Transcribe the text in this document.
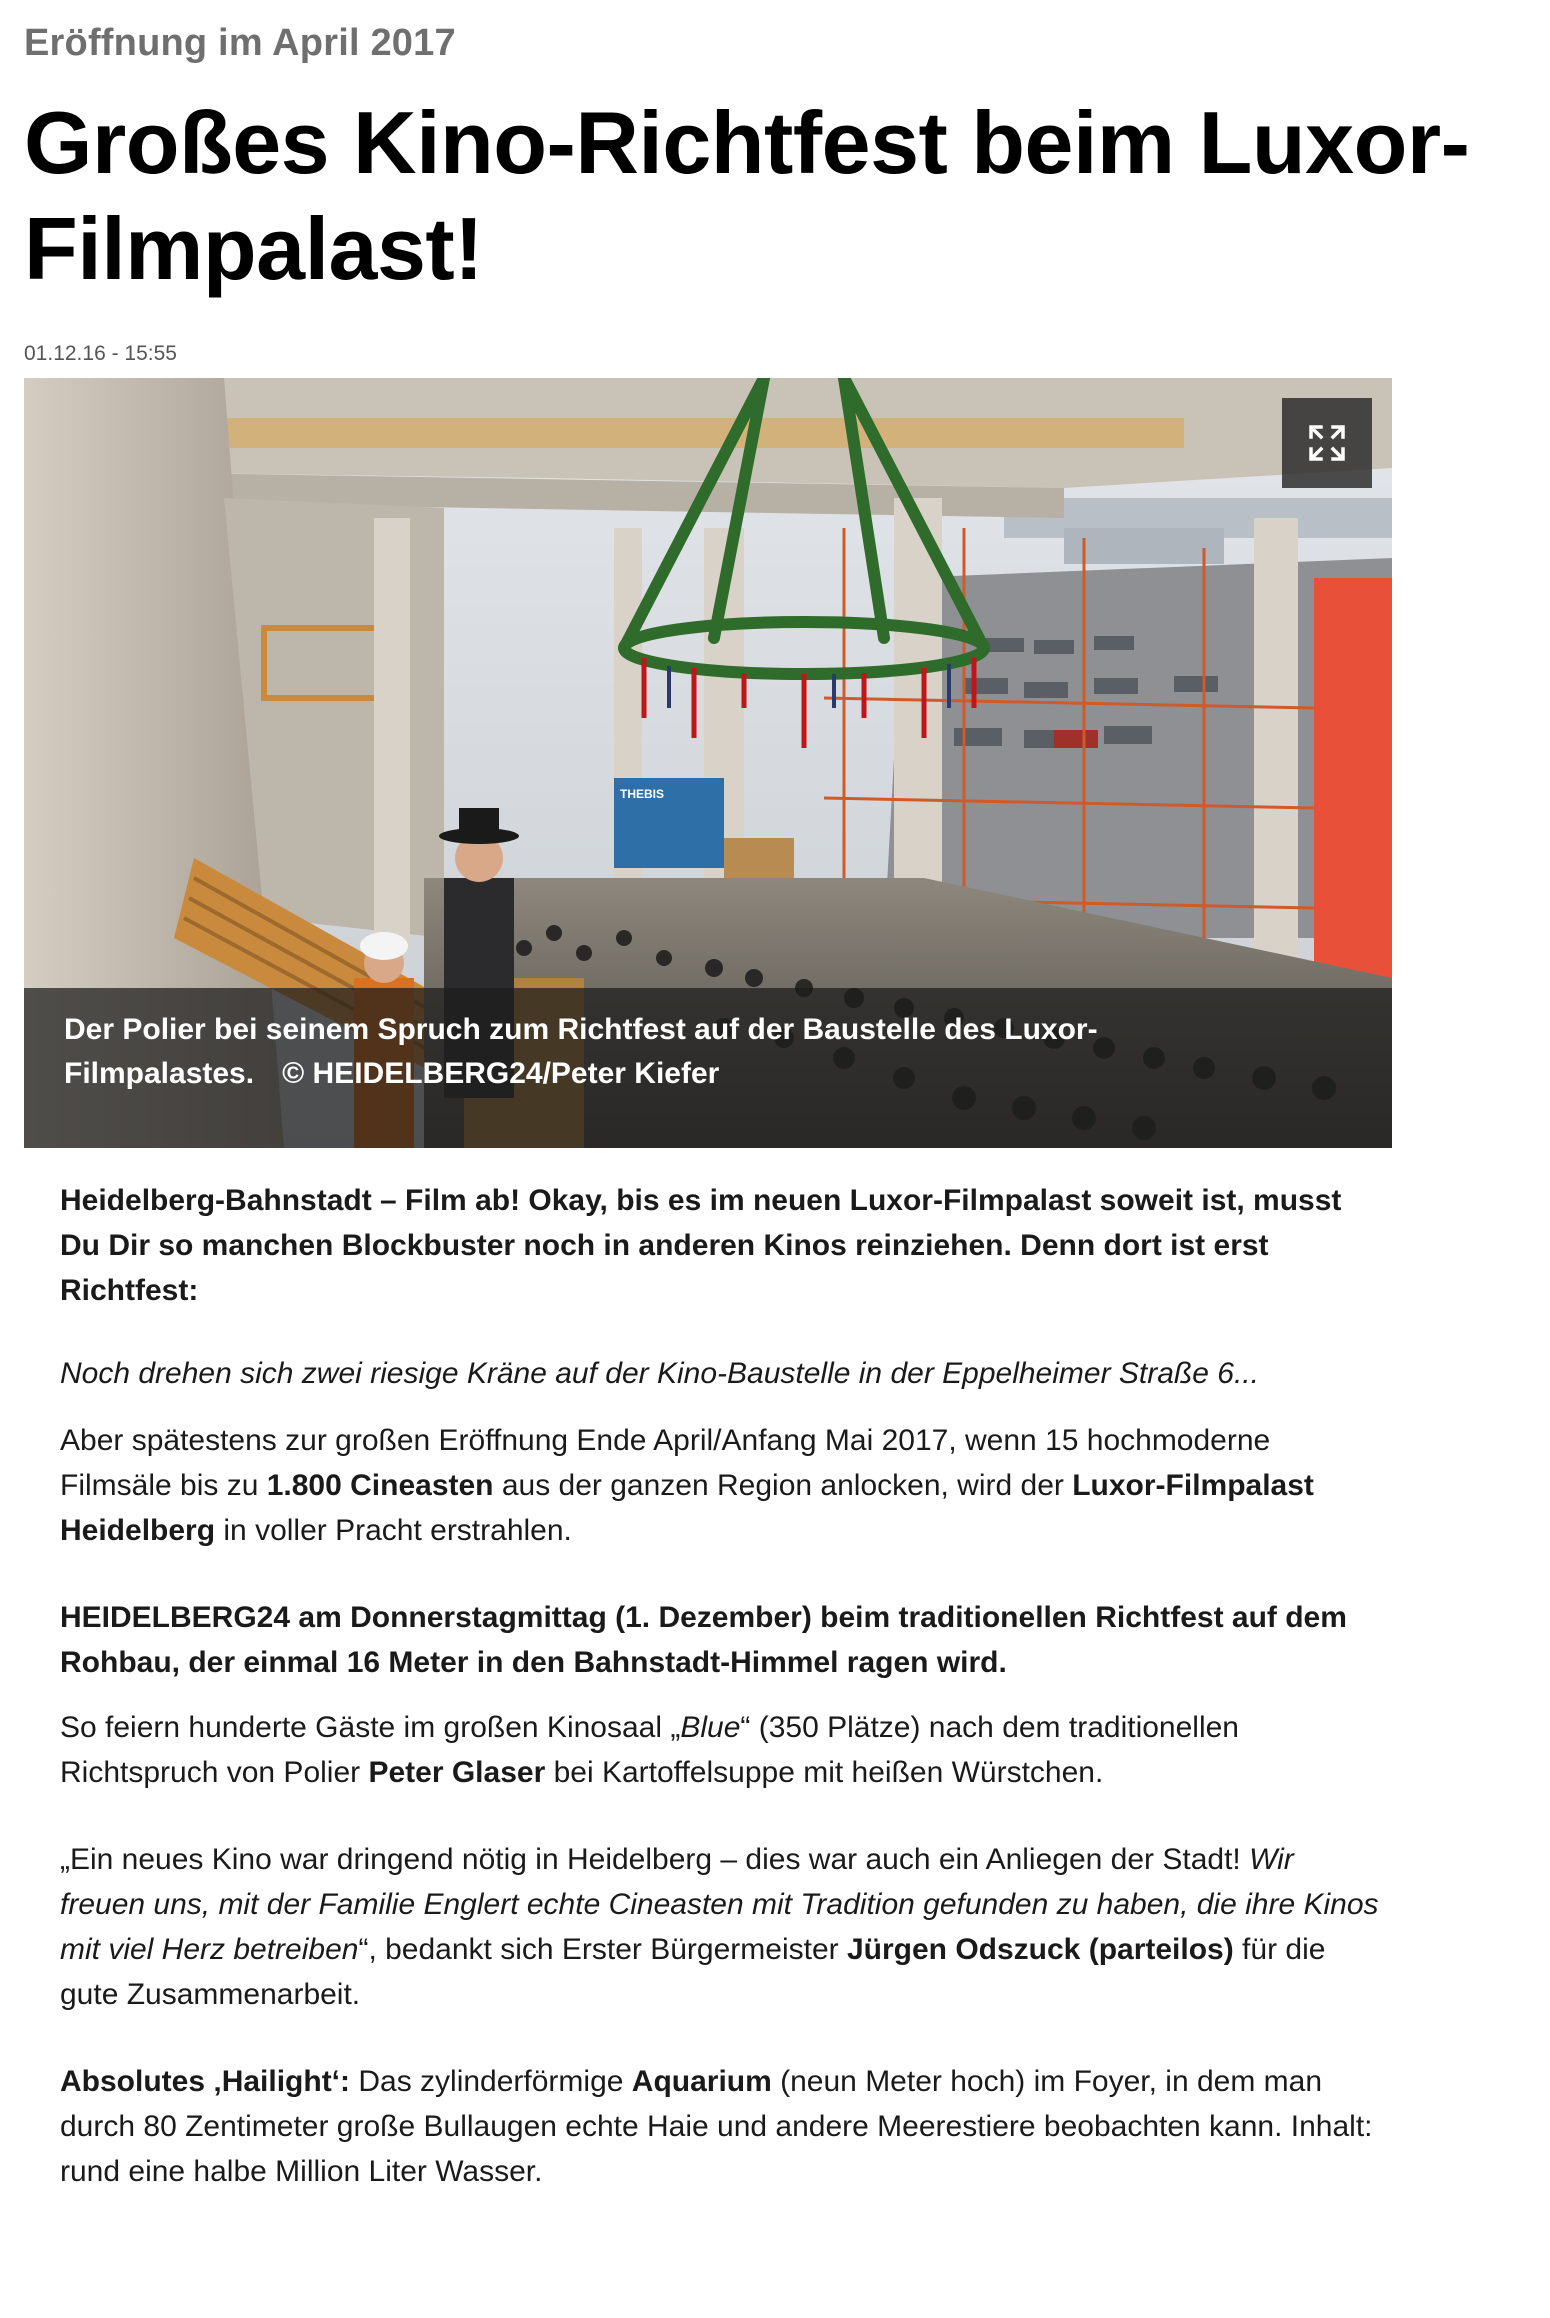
Eröffnung im April 2017
Großes Kino-Richtfest beim Luxor-Filmpalast!
01.12.16 - 15:55
THEBIS
Der Polier bei seinem Spruch zum Richtfest auf der Baustelle des Luxor-Filmpalastes. © HEIDELBERG24/Peter Kiefer

Heidelberg-Bahnstadt – Film ab! Okay, bis es im neuen Luxor-Filmpalast soweit ist, musst Du Dir so manchen Blockbuster noch in anderen Kinos reinziehen. Denn dort ist erst Richtfest:

Noch drehen sich zwei riesige Kräne auf der Kino-Baustelle in der Eppelheimer Straße 6...

Aber spätestens zur großen Eröffnung Ende April/Anfang Mai 2017, wenn 15 hochmoderne Filmsäle bis zu 1.800 Cineasten aus der ganzen Region anlocken, wird der Luxor-Filmpalast Heidelberg in voller Pracht erstrahlen.

HEIDELBERG24 am Donnerstagmittag (1. Dezember) beim traditionellen Richtfest auf dem Rohbau, der einmal 16 Meter in den Bahnstadt-Himmel ragen wird.

So feiern hunderte Gäste im großen Kinosaal „Blue“ (350 Plätze) nach dem traditionellen Richtspruch von Polier Peter Glaser bei Kartoffelsuppe mit heißen Würstchen.

„Ein neues Kino war dringend nötig in Heidelberg – dies war auch ein Anliegen der Stadt! Wir freuen uns, mit der Familie Englert echte Cineasten mit Tradition gefunden zu haben, die ihre Kinos mit viel Herz betreiben“, bedankt sich Erster Bürgermeister Jürgen Odszuck (parteilos) für die gute Zusammenarbeit.

Absolutes ‚Hailight‘: Das zylinderförmige Aquarium (neun Meter hoch) im Foyer, in dem man durch 80 Zentimeter große Bullaugen echte Haie und andere Meerestiere beobachten kann. Inhalt: rund eine halbe Million Liter Wasser.
